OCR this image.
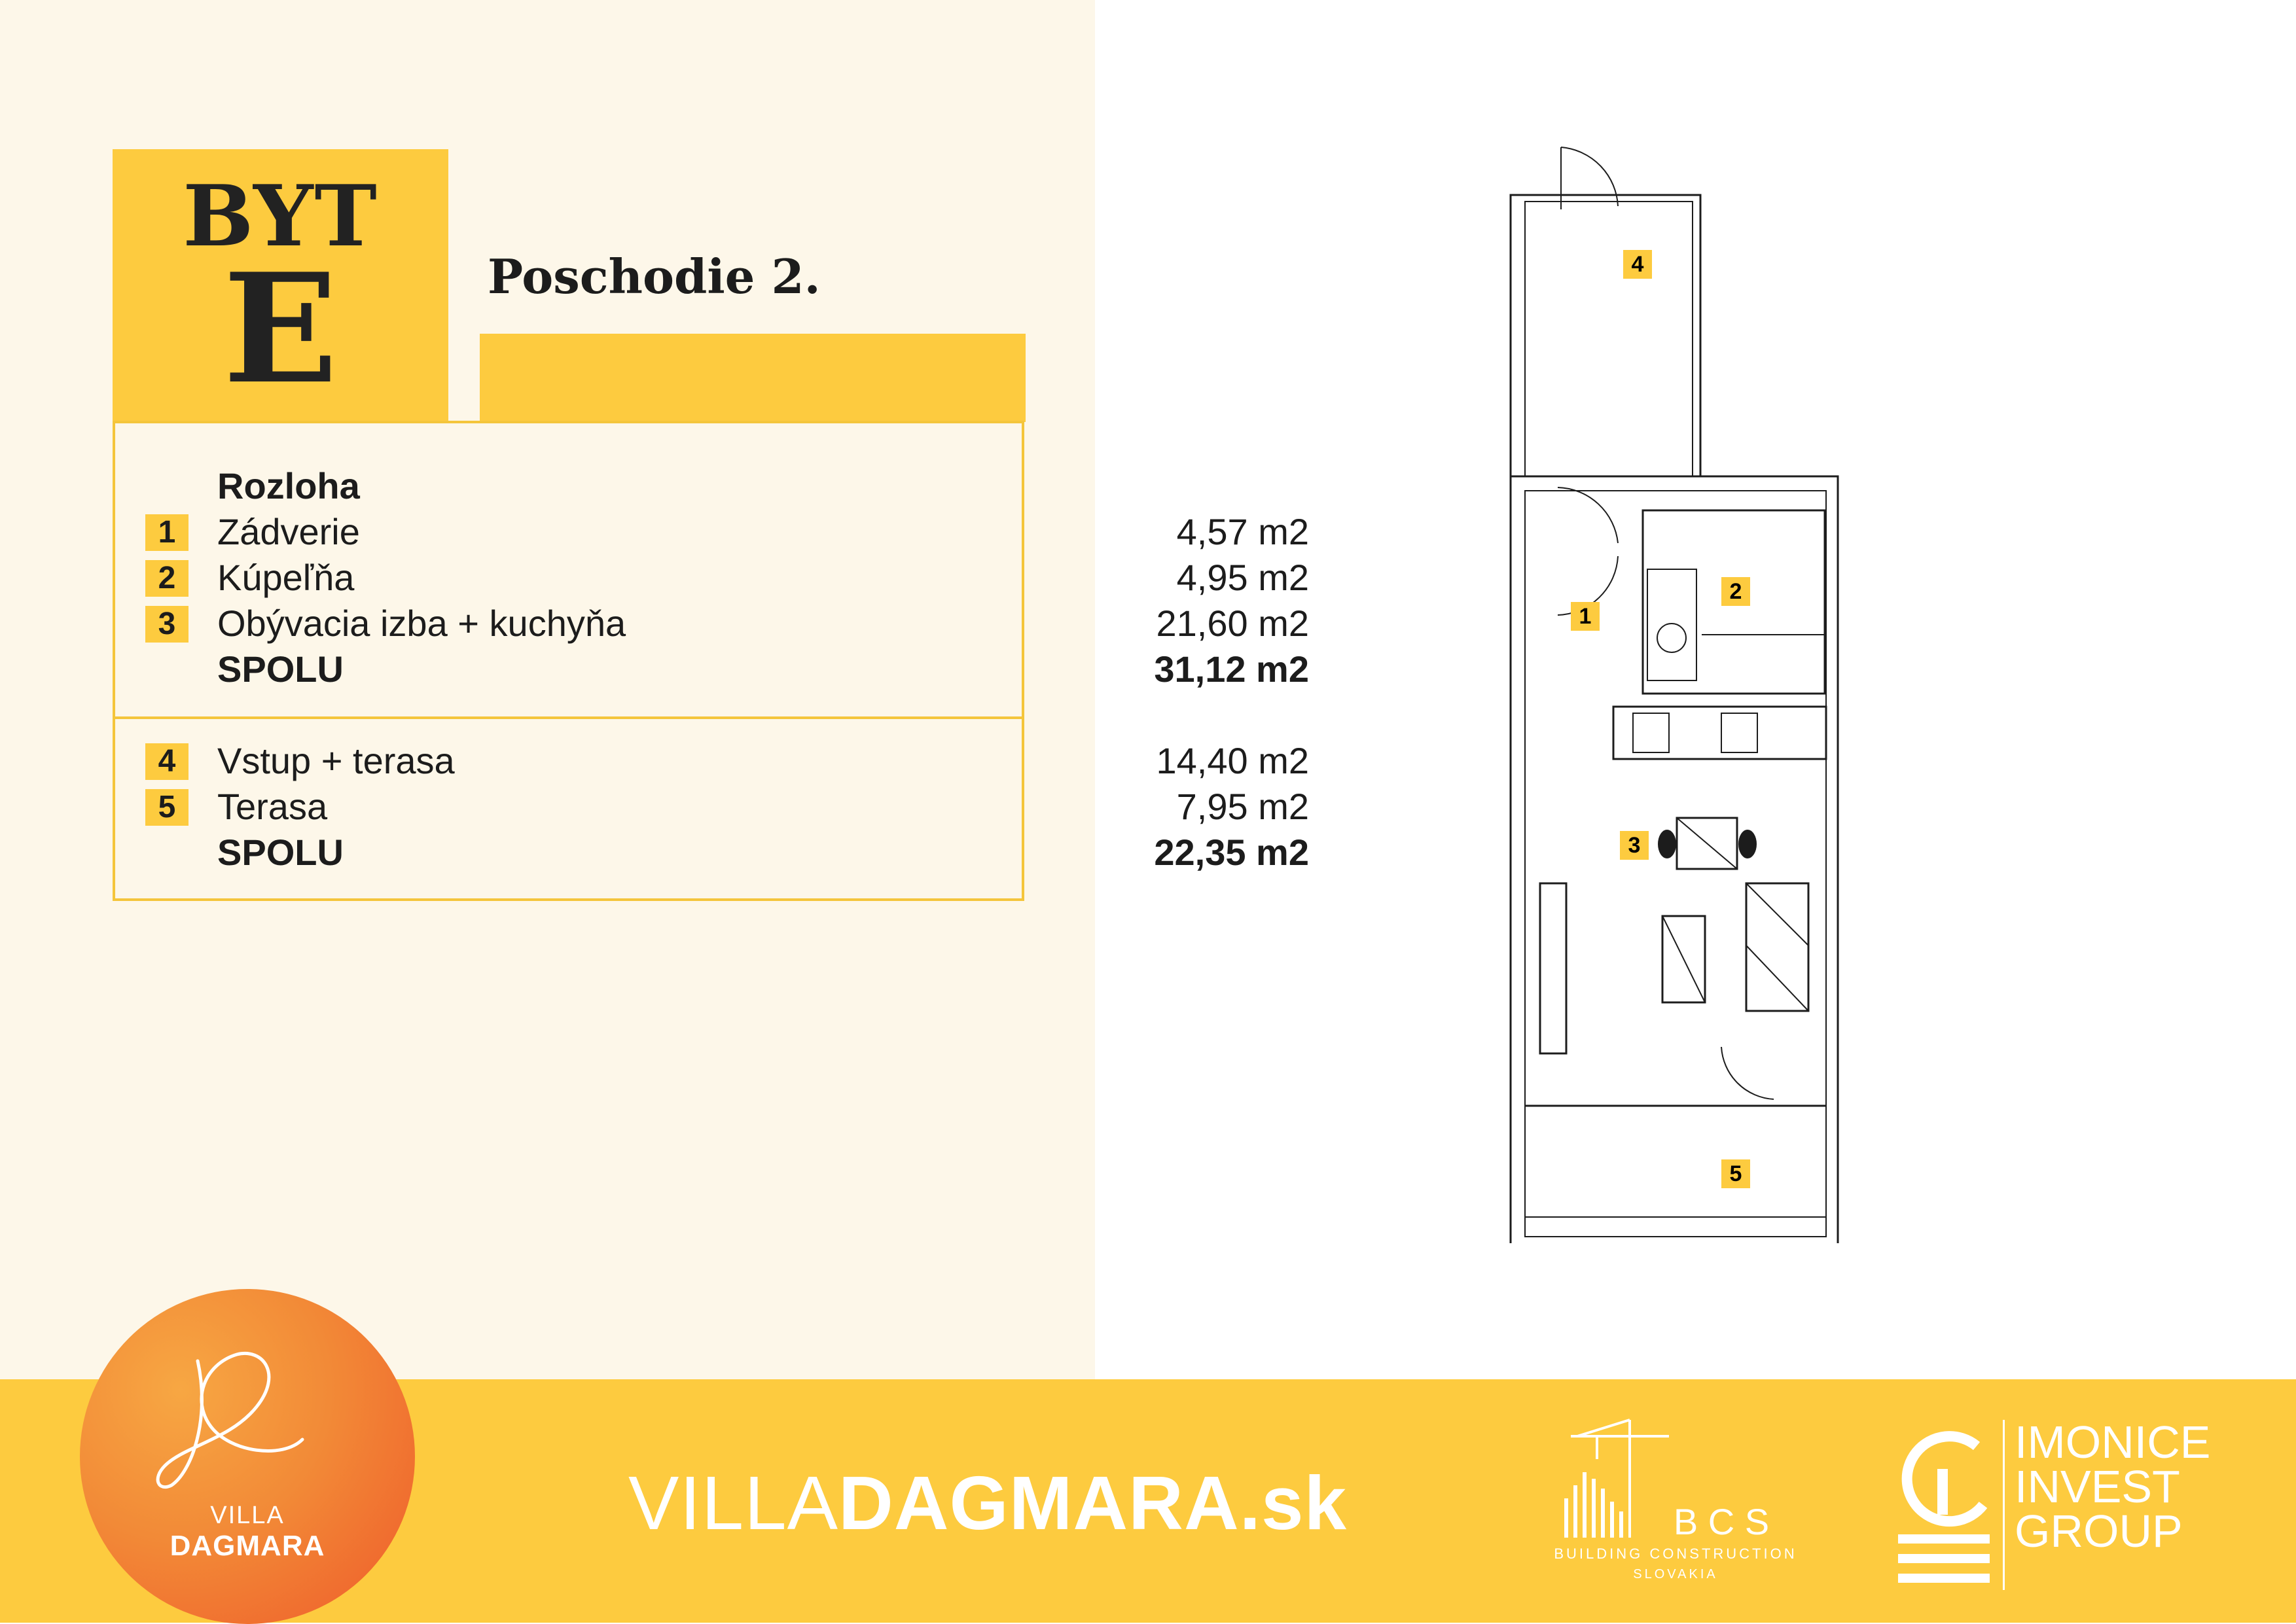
BYT
E	Poschodie 2.
Rozloha
1	Zádverie	4,57 m2
2	Kúpeľňa	4,95 m2
3	Obývacia izba + kuchyňa	21,60 m2
SPOLU	31,12 m2
4	Vstup + terasa	14,40 m2
5	Terasa	7,95 m2
SPOLU	22,35 m2
4
1
2
3
5
VILLA
DAGMARA
VILLADAGMARA.sk	B C S
BUILDING CONSTRUCTION
SLOVAKIA
IMONICE
INVEST
GROUP
